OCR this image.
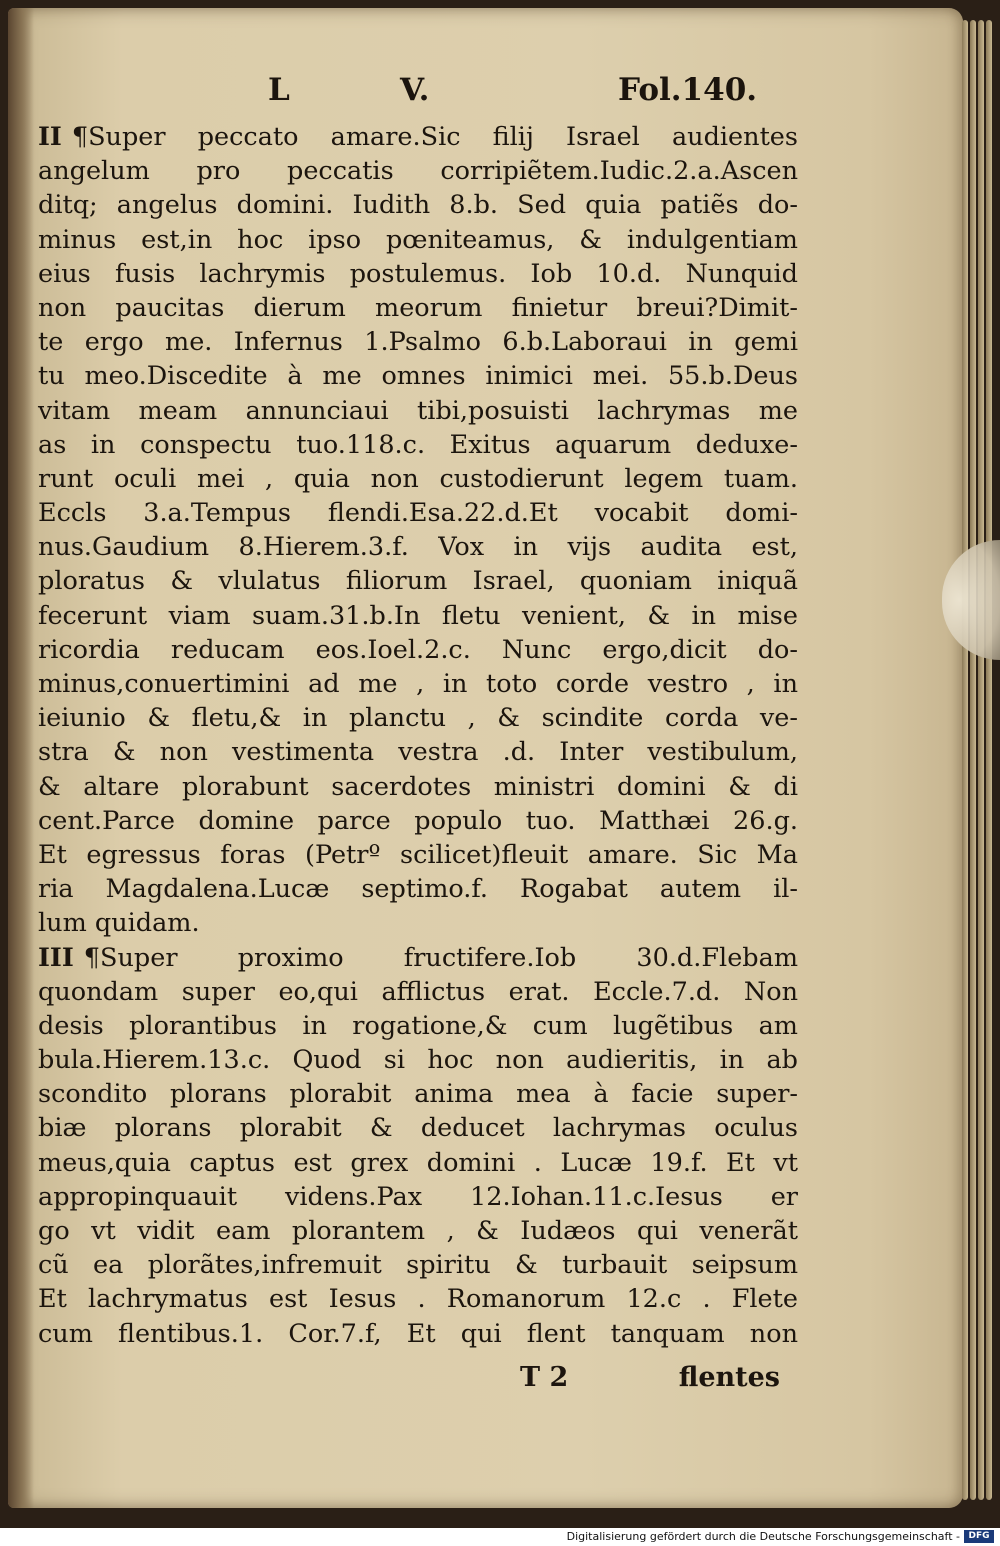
L	V.	Fol.140.
II ¶Super peccato amare.Sic filij Israel audientes
angelum pro peccatis corripiẽtem.Iudic.2.a.Ascen
ditq; angelus domini. Iudith 8.b. Sed quia patiẽs do-
minus est,in hoc ipso pœniteamus, & indulgentiam
eius fusis lachrymis postulemus. Iob 10.d. Nunquid
non paucitas dierum meorum finietur breui?Dimit-
te ergo me. Infernus 1.Psalmo 6.b.Laboraui in gemi
tu meo.Discedite à me omnes inimici mei. 55.b.Deus
vitam meam annunciaui tibi,posuisti lachrymas me
as in conspectu tuo.118.c. Exitus aquarum deduxe-
runt oculi mei , quia non custodierunt legem tuam.
Eccls 3.a.Tempus flendi.Esa.22.d.Et vocabit domi-
nus.Gaudium 8.Hierem.3.f. Vox in vijs audita est,
ploratus & vlulatus filiorum Israel, quoniam iniquã
fecerunt viam suam.31.b.In fletu venient, & in mise
ricordia reducam eos.Ioel.2.c. Nunc ergo,dicit do-
minus,conuertimini ad me , in toto corde vestro , in
ieiunio & fletu,& in planctu , & scindite corda ve-
stra & non vestimenta vestra .d. Inter vestibulum,
& altare plorabunt sacerdotes ministri domini & di
cent.Parce domine parce populo tuo. Matthæi 26.g.
Et egressus foras (Petrº scilicet)fleuit amare. Sic Ma
ria Magdalena.Lucæ septimo.f. Rogabat autem il-
lum quidam.
III ¶Super proximo fructifere.Iob 30.d.Flebam
quondam super eo,qui afflictus erat. Eccle.7.d. Non
desis plorantibus in rogatione,& cum lugẽtibus am
bula.Hierem.13.c. Quod si hoc non audieritis, in ab
scondito plorans plorabit anima mea à facie super-
biæ plorans plorabit & deducet lachrymas oculus
meus,quia captus est grex domini . Lucæ 19.f. Et vt
appropinquauit videns.Pax 12.Iohan.11.c.Iesus er
go vt vidit eam plorantem , & Iudæos qui venerãt
cũ ea plorãtes,infremuit spiritu & turbauit seipsum
Et lachrymatus est Iesus . Romanorum 12.c . Flete
cum flentibus.1. Cor.7.f, Et qui flent tanquam non
T 2	flentes
Digitalisierung gefördert durch die Deutsche Forschungsgemeinschaft - DFG
